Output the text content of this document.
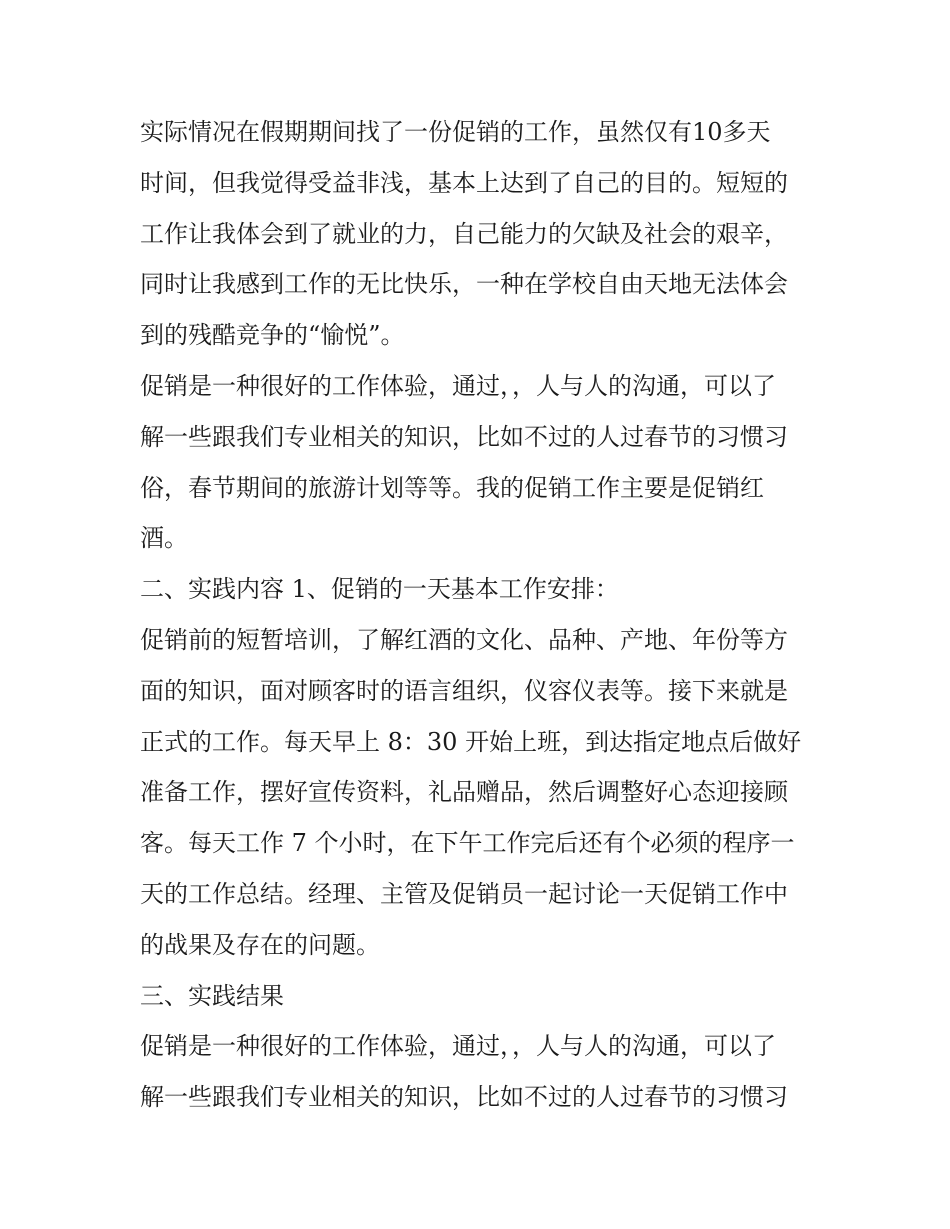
实际情况在假期期间找了一份促销的工作，虽然仅有10多天
时间，但我觉得受益非浅，基本上达到了自己的目的。短短的
工作让我体会到了就业的力，自己能力的欠缺及社会的艰辛，
同时让我感到工作的无比快乐，一种在学校自由天地无法体会
到的残酷竞争的“愉悦”。
促销是一种很好的工作体验，通过，，人与人的沟通，可以了
解一些跟我们专业相关的知识，比如不过的人过春节的习惯习
俗，春节期间的旅游计划等等。我的促销工作主要是促销红
酒。
二、实践内容 1、促销的一天基本工作安排：
促销前的短暂培训，了解红酒的文化、品种、产地、年份等方
面的知识，面对顾客时的语言组织，仪容仪表等。接下来就是
正式的工作。每天早上 8：30 开始上班，到达指定地点后做好
准备工作，摆好宣传资料，礼品赠品，然后调整好心态迎接顾
客。每天工作 7 个小时，在下午工作完后还有个必须的程序一
天的工作总结。经理、主管及促销员一起讨论一天促销工作中
的战果及存在的问题。
三、实践结果
促销是一种很好的工作体验，通过，，人与人的沟通，可以了
解一些跟我们专业相关的知识，比如不过的人过春节的习惯习
